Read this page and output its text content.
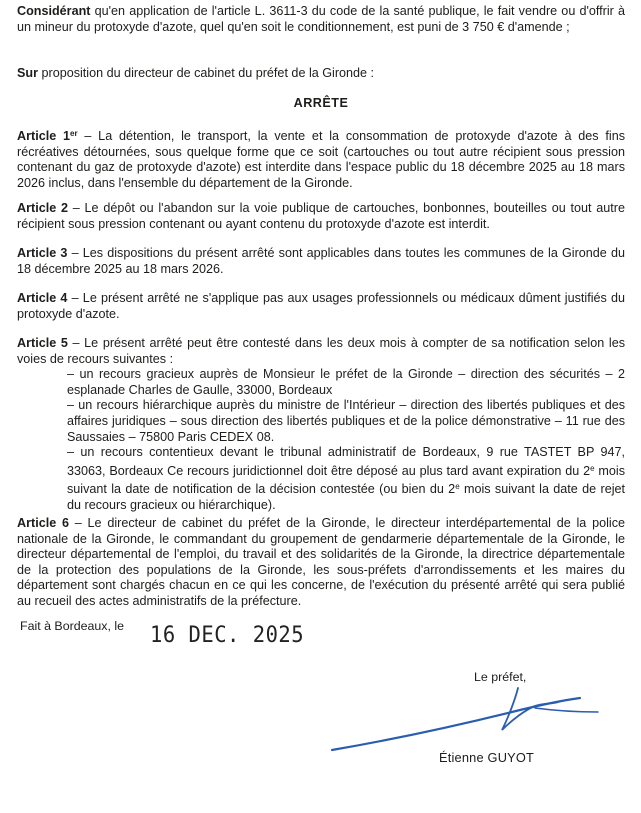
Considérant qu'en application de l'article L. 3611-3 du code de la santé publique, le fait vendre ou d'offrir à un mineur du protoxyde d'azote, quel qu'en soit le conditionnement, est puni de 3 750 € d'amende ;

Sur proposition du directeur de cabinet du préfet de la Gironde :

ARRÊTE

Article 1er – La détention, le transport, la vente et la consommation de protoxyde d'azote à des fins récréatives détournées, sous quelque forme que ce soit (cartouches ou tout autre récipient sous pression contenant du gaz de protoxyde d'azote) est interdite dans l'espace public du 18 décembre 2025 au 18 mars 2026 inclus, dans l'ensemble du département de la Gironde.

Article 2 – Le dépôt ou l'abandon sur la voie publique de cartouches, bonbonnes, bouteilles ou tout autre récipient sous pression contenant ou ayant contenu du protoxyde d'azote est interdit.

Article 3 – Les dispositions du présent arrêté sont applicables dans toutes les communes de la Gironde du 18 décembre 2025 au 18 mars 2026.

Article 4 – Le présent arrêté ne s'applique pas aux usages professionnels ou médicaux dûment justifiés du protoxyde d'azote.

Article 5 – Le présent arrêté peut être contesté dans les deux mois à compter de sa notification selon les voies de recours suivantes :

– un recours gracieux auprès de Monsieur le préfet de la Gironde – direction des sécurités – 2 esplanade Charles de Gaulle, 33000, Bordeaux

– un recours hiérarchique auprès du ministre de l'Intérieur – direction des libertés publiques et des affaires juridiques – sous direction des libertés publiques et de la police démonstrative – 11 rue des Saussaies – 75800 Paris CEDEX 08.

– un recours contentieux devant le tribunal administratif de Bordeaux, 9 rue TASTET BP 947, 33063, Bordeaux Ce recours juridictionnel doit être déposé au plus tard avant expiration du 2e mois suivant la date de notification de la décision contestée (ou bien du 2e mois suivant la date de rejet du recours gracieux ou hiérarchique).

Article 6 – Le directeur de cabinet du préfet de la Gironde, le directeur interdépartemental de la police nationale de la Gironde, le commandant du groupement de gendarmerie départementale de la Gironde, le directeur départemental de l'emploi, du travail et des solidarités de la Gironde, la directrice départementale de la protection des populations de la Gironde, les sous-préfets d'arrondissements et les maires du département sont chargés chacun en ce qui les concerne, de l'exécution du présenté arrêté qui sera publié au recueil des actes administratifs de la préfecture.

Fait à Bordeaux, le 16 DEC. 2025
Le préfet,
Étienne GUYOT
